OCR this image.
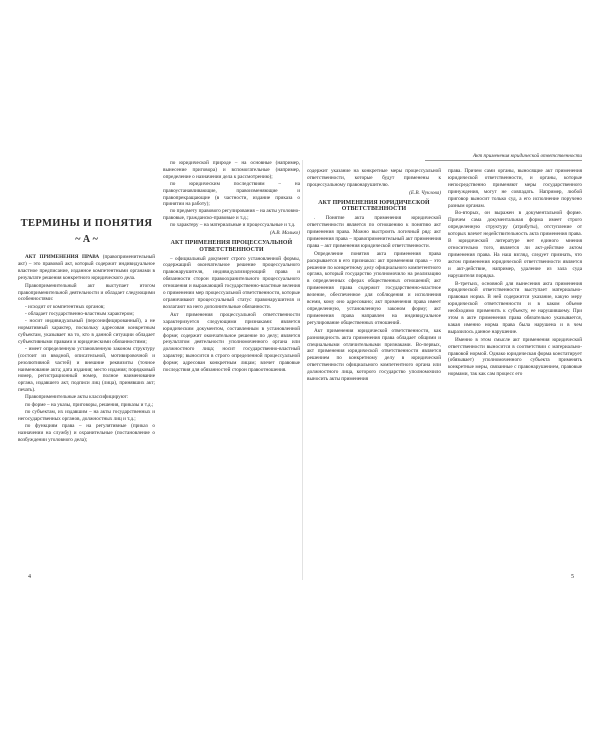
ТЕРМИНЫ И ПОНЯТИЯ
~ А ~

АКТ ПРИМЕНЕНИЯ ПРАВА (правоприменительный акт) – это правовой акт, который содержит индивидуальное властное предписание, изданное компетентными органами в результате решения конкретного юридического дела.

Правоприменительный акт выступает итогом правоприменительной деятельности и обладает следующими особенностями:

- исходит от компетентных органов;
- обладает государственно-властным характером;
- носит индивидуальный (персонифицированный), а не нормативный характер, поскольку адресован конкретным субъектам, указывает на то, кто в данной ситуации обладает субъективными правами и юридическими обязанностями;
- имеет определенную установленную законом структуру (состоит из вводной, описательной, мотивировочной и резолютивной частей) и внешние реквизиты (точное наименование акта; дата издания; место издания; порядковый номер, регистрационный номер, полное наименование органа, издавшего акт, подписи лиц (лица), принявших акт; печать).

Правоприменительные акты классифицируют:

по форме – на указы, приговоры, решения, приказы и т.д.;
по субъектам, их издавшим – на акты государственных и негосударственных органов, должностных лиц и т.д.;
по функциям права – на регулятивные (приказ о назначении на службу) и охранительные (постановление о возбуждении уголовного дела);
по юридической природе – на основные (например, вынесение приговора) и вспомогательные (например, определение о назначении дела к рассмотрению);
по юридическим последствиям – на правоустанавливающие, правоизменяющие и правопрекращающие (в частности, издание приказа о принятии на работу);
по предмету правового регулирования – на акты уголовно-правовые, гражданско-правовые и т.д.;
по характеру – на материальные и процессуальные и т.д.

(А.В. Малько)

АКТ ПРИМЕНЕНИЯ ПРОЦЕССУАЛЬНОЙ ОТВЕТСТВЕННОСТИ

– официальный документ строго установленной формы, содержащий окончательное решение процессуального правонарушителя, индивидуализирующий права и обязанности сторон правоохранительного процессуального отношения и выражающий государственно-властные веления о применении мер процессуальной ответственности, которые ограничивают процессуальный статус правонарушителя и возлагают на него дополнительные обязанности.

Акт применения процессуальной ответственности характеризуется следующими признаками: является юридическим документом, составленным в установленной форме; содержит окончательное решение по делу; является результатом деятельности уполномоченного органа или должностного лица; носит государственно-властный характер; выносится в строго определенной процессуальной форме; адресован конкретным лицам; влечет правовые последствия для обязанностей сторон правоотношения.

4
Акт применения юридической ответственности

содержит указание на конкретные меры процессуальной ответственности, которые будут применены к процессуальному правонарушителю.

(Е.В. Чуклова)

АКТ ПРИМЕНЕНИЯ ЮРИДИЧЕСКОЙ ОТВЕТСТВЕННОСТИ

. Понятие акта применения юридической ответственности является по отношению к понятию акт применения права. Можно выстроить логичный ряд: акт применения права – правоприменительный акт применения права – акт применения юридической ответственности.

Определение понятия акта применения права раскрывается в его признаках: акт применения права – это решение по конкретному делу официального компетентного органа, который государство уполномочило на реализацию в определенных сферах общественных отношений; акт применения права содержит государственно-властное веление, обеспеченное для соблюдения и исполнения всеми, кому оно адресовано; акт применения права имеет определенную, установленную законом форму; акт применения права направлен на индивидуальное регулирование общественных отношений.

Акт применения юридической ответственности, как разновидность акта применения права обладает общими и специальными отличительными признаками. Во-первых, акт применения юридической ответственности является решением по конкретному делу в юридической ответственности официального компетентного органа или должностного лица, которого государство уполномочило выносить акты применения

права. Причем сами органы, выносящие акт применения юридической ответственности, и органы, которые непосредственно применяют меры государственного принуждения, могут не совпадать. Например, любой приговор выносит только суд, а его исполнение поручено разным органам.

Во-вторых, он выражен в документальной форме. Причем сама документальная форма имеет строго определенную структуру (атрибуты), отступление от которых влечет недействительность акта применения права. В юридической литературе нет единого мнения относительно того, является ли акт-действие актом применения права. На наш взгляд, следует признать, что актом применения юридической ответственности является и акт-действие, например, удаление из зала суда нарушителя порядка.

В-третьих, основной для вынесения акта применения юридической ответственности выступает материально-правовая норма. В ней содержится указание, какую меру юридической ответственности и в каком объеме необходимо применить к субъекту, ее нарушившему. При этом в акте применения права обязательно указывается, какая именно норма права была нарушена и в чем выразилось данное нарушение.

Именно в этом смысле акт применения юридической ответственности выносится в соответствии с материально-правовой нормой. Однако юридическая форма констатирует (обязывает) уполномоченного субъекта применять конкретные меры, связанные с правонарушением, правовые нормами, так как сам процесс его

5
